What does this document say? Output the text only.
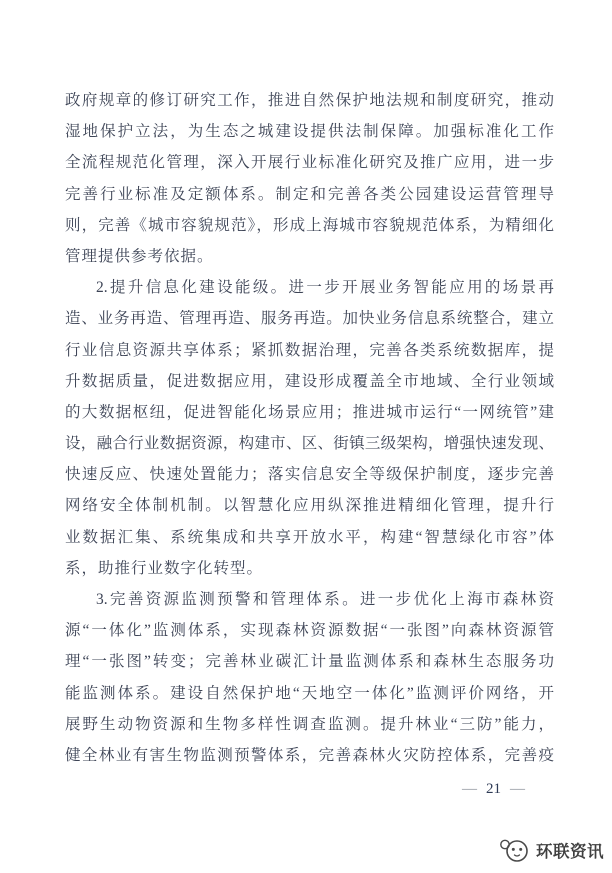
政府规章的修订研究工作，推进自然保护地法规和制度研究，推动
湿地保护立法，为生态之城建设提供法制保障。加强标准化工作
全流程规范化管理，深入开展行业标准化研究及推广应用，进一步
完善行业标准及定额体系。制定和完善各类公园建设运营管理导
则，完善《城市容貌规范》，形成上海城市容貌规范体系，为精细化
管理提供参考依据。
2.提升信息化建设能级。进一步开展业务智能应用的场景再
造、业务再造、管理再造、服务再造。加快业务信息系统整合，建立
行业信息资源共享体系；紧抓数据治理，完善各类系统数据库，提
升数据质量，促进数据应用，建设形成覆盖全市地域、全行业领域
的大数据枢纽，促进智能化场景应用；推进城市运行“一网统管”建
设，融合行业数据资源，构建市、区、街镇三级架构，增强快速发现、
快速反应、快速处置能力；落实信息安全等级保护制度，逐步完善
网络安全体制机制。以智慧化应用纵深推进精细化管理，提升行
业数据汇集、系统集成和共享开放水平，构建“智慧绿化市容”体
系，助推行业数字化转型。
3.完善资源监测预警和管理体系。进一步优化上海市森林资
源“一体化”监测体系，实现森林资源数据“一张图”向森林资源管
理“一张图”转变；完善林业碳汇计量监测体系和森林生态服务功
能监测体系。建设自然保护地“天地空一体化”监测评价网络，开
展野生动物资源和生物多样性调查监测。提升林业“三防”能力，
健全林业有害生物监测预警体系，完善森林火灾防控体系，完善疫
— 21 —
环联资讯
